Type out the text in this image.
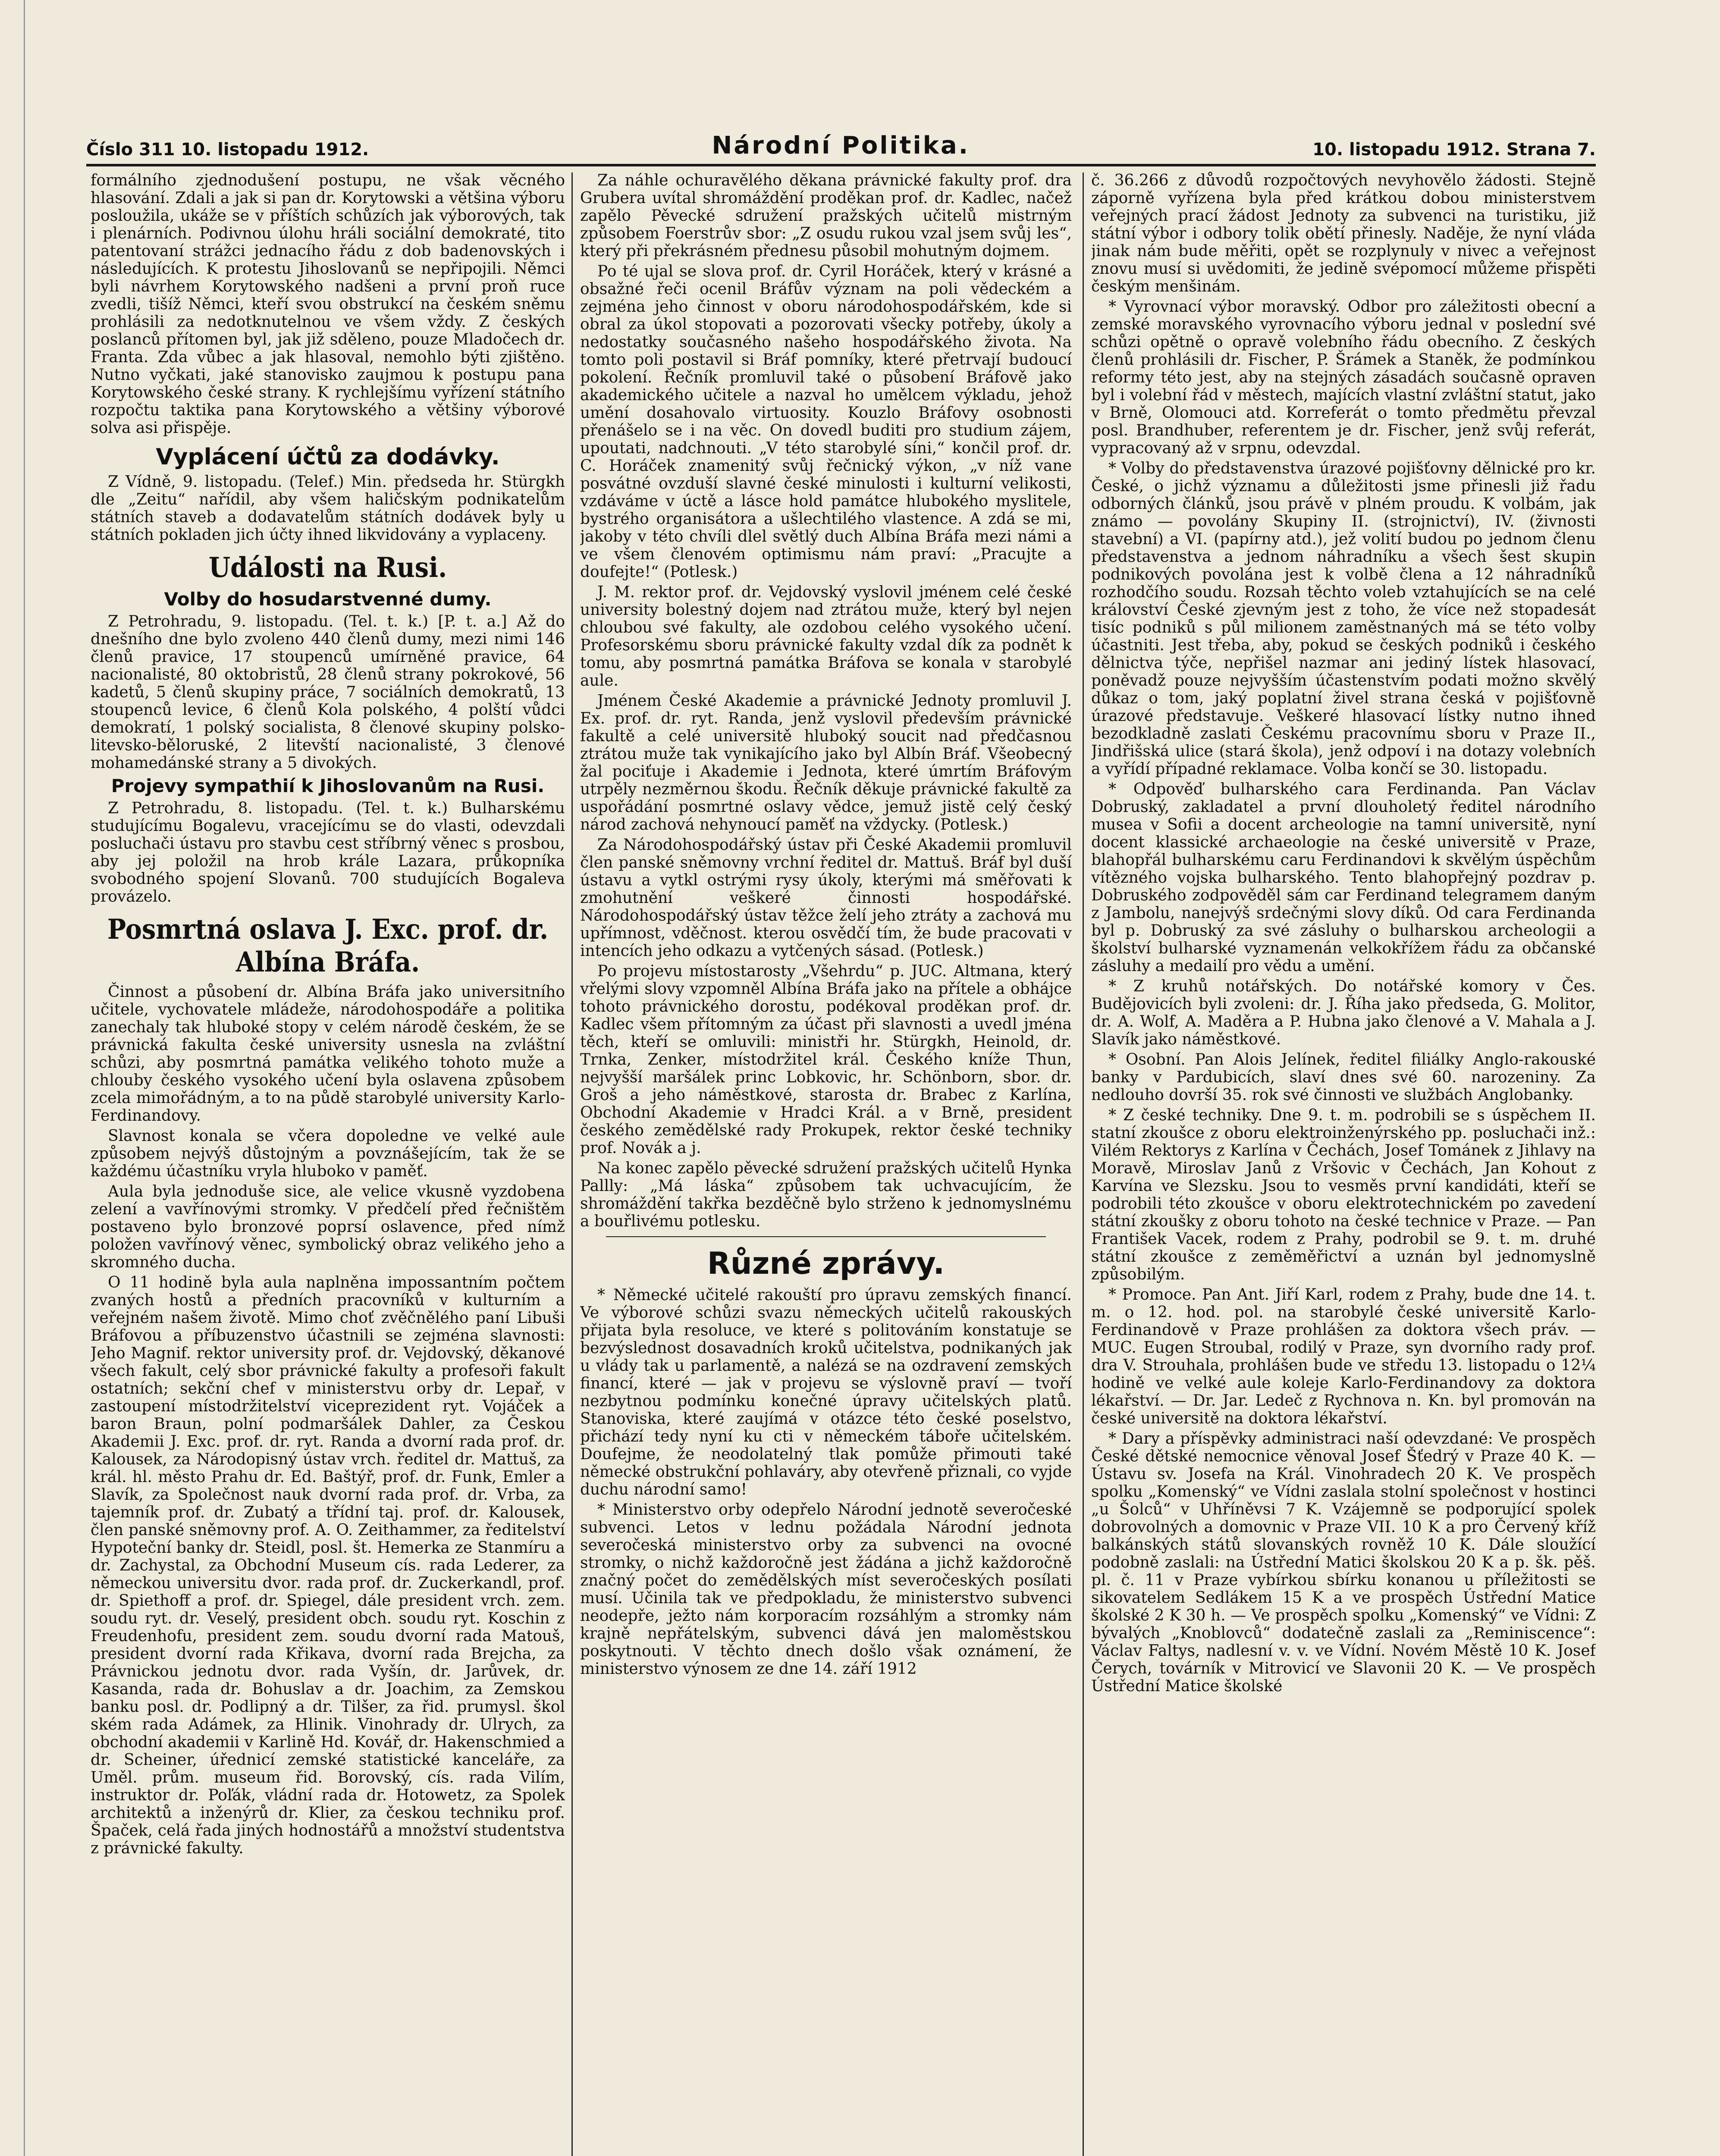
Číslo 311 10. listopadu 1912.	Národní Politika.	10. listopadu 1912. Strana 7.

formálního zjednodušení postupu, ne však věcného hlasování. Zdali a jak si pan dr. Korytowski a většina výboru posloužila, ukáže se v příštích schůzích jak výborových, tak i plenárních. Podivnou úlohu hráli sociální demokraté, tito patentovaní strážci jednacího řádu z dob badenovských i následujících. K protestu Jihoslovanů se nepřipojili. Němci byli návrhem Korytowského nadšeni a první proň ruce zvedli, tišíž Němci, kteří svou obstrukcí na českém sněmu prohlásili za nedotknutelnou ve všem vždy. Z českých poslanců přítomen byl, jak již sděleno, pouze Mladočech dr. Franta. Zda vůbec a jak hlasoval, nemohlo býti zjištěno. Nutno vyčkati, jaké stanovisko zaujmou k postupu pana Korytowského české strany. K rychlejšímu vyřízení státního rozpočtu taktika pana Korytowského a většiny výborové solva asi přispěje.

Vyplácení účtů za dodávky.

Z Vídně, 9. listopadu. (Telef.) Min. předseda hr. Stürgkh dle „Zeitu“ nařídil, aby všem haličským podnikatelům státních staveb a dodavatelům státních dodávek byly u státních pokladen jich účty ihned likvidovány a vyplaceny.

Události na Rusi.
Volby do hosudarstvenné dumy.

Z Petrohradu, 9. listopadu. (Tel. t. k.) [P. t. a.] Až do dnešního dne bylo zvoleno 440 členů dumy, mezi nimi 146 členů pravice, 17 stoupenců umírněné pravice, 64 nacionalisté, 80 oktobristů, 28 členů strany pokrokové, 56 kadetů, 5 členů skupiny práce, 7 sociálních demokratů, 13 stoupenců levice, 6 členů Kola polského, 4 polští vůdci demokratí, 1 polský socialista, 8 členové skupiny polsko-litevsko-běloruské, 2 litevští nacionalisté, 3 členové mohamedánské strany a 5 divokých.

Projevy sympathií k Jihoslovanům na Rusi.

Z Petrohradu, 8. listopadu. (Tel. t. k.) Bulharskému studujícímu Bogalevu, vracejícímu se do vlasti, odevzdali posluchači ústavu pro stavbu cest stříbrný věnec s prosbou, aby jej položil na hrob krále Lazara, průkopníka svobodného spojení Slovanů. 700 studujících Bogaleva provázelo.

Posmrtná oslava J. Exc. prof. dr. Albína Bráfa.

Činnost a působení dr. Albína Bráfa jako universitního učitele, vychovatele mládeže, národohospodáře a politika zanechaly tak hluboké stopy v celém národě českém, že se právnická fakulta české university usnesla na zvláštní schůzi, aby posmrtná památka velikého tohoto muže a chlouby českého vysokého učení byla oslavena způsobem zcela mimořádným, a to na půdě starobylé university Karlo-Ferdinandovy.

Slavnost konala se včera dopoledne ve velké aule způsobem nejvýš důstojným a povznášejícím, tak že se každému účastníku vryla hluboko v paměť.

Aula byla jednoduše sice, ale velice vkusně vyzdobena zelení a vavřínovými stromky. V předčelí před řečništěm postaveno bylo bronzové poprsí oslavence, před nímž položen vavřínový věnec, symbolický obraz velikého jeho a skromného ducha.

O 11 hodině byla aula naplněna impossantním počtem zvaných hostů a předních pracovníků v kulturním a veřejném našem životě. Mimo choť zvěčnělého paní Libuši Bráfovou a příbuzenstvo účastnili se zejména slavnosti: Jeho Magnif. rektor university prof. dr. Vejdovský, děkanové všech fakult, celý sbor právnické fakulty a profesoři fakult ostatních; sekční chef v ministerstvu orby dr. Lepař, v zastoupení místodržitelství viceprezident ryt. Vojáček a baron Braun, polní podmaršálek Dahler, za Českou Akademii J. Exc. prof. dr. ryt. Randa a dvorní rada prof. dr. Kalousek, za Národopisný ústav vrch. ředitel dr. Mattuš, za král. hl. město Prahu dr. Ed. Baštýř, prof. dr. Funk, Emler a Slavík, za Společnost nauk dvorní rada prof. dr. Vrba, za tajemník prof. dr. Zubatý a třídní taj. prof. dr. Kalousek, člen panské sněmovny prof. A. O. Zeithammer, za ředitelství Hypoteční banky dr. Steidl, posl. št. Hemerka ze Stanmíru a dr. Zachystal, za Obchodní Museum cís. rada Lederer, za německou universitu dvor. rada prof. dr. Zuckerkandl, prof. dr. Spiethoff a prof. dr. Spiegel, dále president vrch. zem. soudu ryt. dr. Veselý, president obch. soudu ryt. Koschin z Freudenhofu, president zem. soudu dvorní rada Matouš, president dvorní rada Křikava, dvorní rada Brejcha, za Právnickou jednotu dvor. rada Vyšín, dr. Jarůvek, dr. Kasanda, rada dr. Bohuslav a dr. Joachim, za Zemskou banku posl. dr. Podlipný a dr. Tilšer, za řid. prumysl. škol ském rada Adámek, za Hlinik. Vinohrady dr. Ulrych, za obchodní akademii v Karlině Hd. Kovář, dr. Hakenschmied a dr. Scheiner, úřednicí zemské statistické kanceláře, za Uměl. prům. museum řid. Borovský, cís. rada Vilím, instruktor dr. Poľák, vládní rada dr. Hotowetz, za Spolek architektů a inženýrů dr. Klier, za českou techniku prof. Špaček, celá řada jiných hodnostářů a množství studentstva z právnické fakulty.

Za náhle ochuravělého děkana právnické fakulty prof. dra Grubera uvítal shromáždění proděkan prof. dr. Kadlec, načež zapělo Pěvecké sdružení pražských učitelů mistrným způsobem Foerstrův sbor: „Z osudu rukou vzal jsem svůj les“, který při překrásném přednesu působil mohutným dojmem.

Po té ujal se slova prof. dr. Cyril Horáček, který v krásné a obsažné řeči ocenil Bráfův význam na poli vědeckém a zejména jeho činnost v oboru národohospodářském, kde si obral za úkol stopovati a pozorovati všecky potřeby, úkoly a nedostatky současného našeho hospodářského života. Na tomto poli postavil si Bráf pomníky, které přetrvají budoucí pokolení. Řečník promluvil také o působení Bráfově jako akademického učitele a nazval ho umělcem výkladu, jehož umění dosahovalo virtuosity. Kouzlo Bráfovy osobnosti přenášelo se i na věc. On dovedl buditi pro studium zájem, upoutati, nadchnouti. „V této starobylé síni,“ končil prof. dr. C. Horáček znamenitý svůj řečnický výkon, „v níž vane posvátné ovzduší slavné české minulosti i kulturní velikosti, vzdáváme v úctě a lásce hold památce hlubokého myslitele, bystrého organisátora a ušlechtilého vlastence. A zdá se mi, jakoby v této chvíli dlel světlý duch Albína Bráfa mezi námi a ve všem členovém optimismu nám praví: „Pracujte a doufejte!“ (Potlesk.)

J. M. rektor prof. dr. Vejdovský vyslovil jménem celé české university bolestný dojem nad ztrátou muže, který byl nejen chloubou své fakulty, ale ozdobou celého vysokého učení. Profesorskému sboru právnické fakulty vzdal dík za podnět k tomu, aby posmrtná památka Bráfova se konala v starobylé aule.

Jménem České Akademie a právnické Jednoty promluvil J. Ex. prof. dr. ryt. Randa, jenž vyslovil především právnické fakultě a celé universitě hluboký soucit nad předčasnou ztrátou muže tak vynikajícího jako byl Albín Bráf. Všeobecný žal pociťuje i Akademie i Jednota, které úmrtím Bráfovým utrpěly nezměrnou škodu. Řečník děkuje právnické fakultě za uspořádání posmrtné oslavy vědce, jemuž jistě celý český národ zachová nehynoucí paměť na vždycky. (Potlesk.)

Za Národohospodářský ústav při České Akademii promluvil člen panské sněmovny vrchní ředitel dr. Mattuš. Bráf byl duší ústavu a vytkl ostrými rysy úkoly, kterými má směřovati k zmohutnění veškeré činnosti hospodářské. Národohospodářský ústav těžce želí jeho ztráty a zachová mu upřímnost, vděčnost. kterou osvědčí tím, že bude pracovati v intencích jeho odkazu a vytčených sásad. (Potlesk.)

Po projevu místostarosty „Všehrdu“ p. JUC. Altmana, který vřelými slovy vzpomněl Albína Bráfa jako na přítele a obhájce tohoto právnického dorostu, podékoval proděkan prof. dr. Kadlec všem přítomným za účast při slavnosti a uvedl jména těch, kteří se omluvili: ministři hr. Stürgkh, Heinold, dr. Trnka, Zenker, místodržitel král. Českého kníže Thun, nejvyšší maršálek princ Lobkovic, hr. Schönborn, sbor. dr. Groš a jeho náměstkové, starosta dr. Brabec z Karlína, Obchodní Akademie v Hradci Král. a v Brně, president českého zemědělské rady Prokupek, rektor české techniky prof. Novák a j.

Na konec zapělo pěvecké sdružení pražských učitelů Hynka Pallly: „Má láska“ způsobem tak uchvacujícím, že shromáždění takřka bezděčně bylo strženo k jednomyslnému a bouřlivému potlesku.

Různé zprávy.

* Německé učitelé rakouští pro úpravu zemských financí. Ve výborové schůzi svazu německých učitelů rakouských přijata byla resoluce, ve které s politováním konstatuje se bezvýslednost dosavadních kroků učitelstva, podnikaných jak u vlády tak u parlamentě, a nalézá se na ozdravení zemských financí, které — jak v projevu se výslovně praví — tvoří nezbytnou podmínku konečné úpravy učitelských platů. Stanoviska, které zaujímá v otázce této české poselstvo, přichází tedy nyní ku cti v německém táboře učitelském. Doufejme, že neodolatelný tlak pomůže přimouti také německé obstrukční pohlaváry, aby otevřeně přiznali, co vyjde duchu národní samo!

* Ministerstvo orby odepřelo Národní jednotě severočeské subvenci. Letos v lednu požádala Národní jednota severočeská ministerstvo orby za subvenci na ovocné stromky, o nichž každoročně jest žádána a jichž každoročně značný počet do zemědělských míst severočeských posílati musí. Učinila tak ve předpokladu, že ministerstvo subvenci neodepře, ježto nám korporacím rozsáhlým a stromky nám krajně nepřátelským, subvenci dává jen maloměstskou poskytnouti. V těchto dnech došlo však oznámení, že ministerstvo výnosem ze dne 14. září 1912

č. 36.266 z důvodů rozpočtových nevyhovělo žádosti. Stejně záporně vyřízena byla před krátkou dobou ministerstvem veřejných prací žádost Jednoty za subvenci na turistiku, již státní výbor i odbory tolik obětí přinesly. Naděje, že nyní vláda jinak nám bude měřiti, opět se rozplynuly v nivec a veřejnost znovu musí si uvědomiti, že jedině svépomocí můžeme přispěti českým menšinám.

* Vyrovnací výbor moravský. Odbor pro záležitosti obecní a zemské moravského vyrovnacího výboru jednal v poslední své schůzi opětně o opravě volebního řádu obecního. Z českých členů prohlásili dr. Fischer, P. Šrámek a Staněk, že podmínkou reformy této jest, aby na stejných zásadách současně opraven byl i volební řád v městech, majících vlastní zvláštní statut, jako v Brně, Olomouci atd. Korreferát o tomto předmětu převzal posl. Brandhuber, referentem je dr. Fischer, jenž svůj referát, vypracovaný až v srpnu, odevzdal.

* Volby do představenstva úrazové pojišťovny dělnické pro kr. České, o jichž významu a důležitosti jsme přinesli již řadu odborných článků, jsou právě v plném proudu. K volbám, jak známo — povolány Skupiny II. (strojnictví), IV. (živnosti stavební) a VI. (papírny atd.), jež volití budou po jednom členu představenstva a jednom náhradníku a všech šest skupin podnikových povolána jest k volbě člena a 12 náhradníků rozhodčího soudu. Rozsah těchto voleb vztahujících se na celé království České zjevným jest z toho, že více než stopadesát tisíc podniků s půl milionem zaměstnaných má se této volby účastniti. Jest třeba, aby, pokud se českých podniků i českého dělnictva týče, nepřišel nazmar ani jediný lístek hlasovací, poněvadž pouze nejvyšším účastenstvím podati možno skvělý důkaz o tom, jaký poplatní živel strana česká v pojišťovně úrazové představuje. Veškeré hlasovací lístky nutno ihned bezodkladně zaslati Českému pracovnímu sboru v Praze II., Jindřišská ulice (stará škola), jenž odpoví i na dotazy volebních a vyřídí případné reklamace. Volba končí se 30. listopadu.

* Odpověď bulharského cara Ferdinanda. Pan Václav Dobruský, zakladatel a první dlouholetý ředitel národního musea v Sofii a docent archeologie na tamní universitě, nyní docent klassické archaeologie na české universitě v Praze, blahopřál bulharskému caru Ferdinandovi k skvělým úspěchům vítězného vojska bulharského. Tento blahopřejný pozdrav p. Dobruského zodpověděl sám car Ferdinand telegramem daným z Jambolu, nanejvýš srdečnými slovy díků. Od cara Ferdinanda byl p. Dobruský za své zásluhy o bulharskou archeologii a školství bulharské vyznamenán velkokřížem řádu za občanské zásluhy a medailí pro vědu a umění.

* Z kruhů notářských. Do notářské komory v Čes. Budějovicích byli zvoleni: dr. J. Říha jako předseda, G. Molitor, dr. A. Wolf, A. Maděra a P. Hubna jako členové a V. Mahala a J. Slavík jako náměstkové.

* Osobní. Pan Alois Jelínek, ředitel filiálky Anglo-rakouské banky v Pardubicích, slaví dnes své 60. narozeniny. Za nedlouho dovrší 35. rok své činnosti ve službách Anglobanky.

* Z české techniky. Dne 9. t. m. podrobili se s úspěchem II. statní zkoušce z oboru elektroinženýrského pp. posluchači inž.: Vilém Rektorys z Karlína v Čechách, Josef Tománek z Jihlavy na Moravě, Miroslav Janů z Vršovic v Čechách, Jan Kohout z Karvína ve Slezsku. Jsou to vesměs první kandidáti, kteří se podrobili této zkoušce v oboru elektrotechnickém po zavedení státní zkoušky z oboru tohoto na české technice v Praze. — Pan František Vacek, rodem z Prahy, podrobil se 9. t. m. druhé státní zkoušce z zeměměřictví a uznán byl jednomyslně způsobilým.

* Promoce. Pan Ant. Jiří Karl, rodem z Prahy, bude dne 14. t. m. o 12. hod. pol. na starobylé české universitě Karlo-Ferdinandově v Praze prohlášen za doktora všech práv. — MUC. Eugen Stroubal, rodilý v Praze, syn dvorního rady prof. dra V. Strouhala, prohlášen bude ve středu 13. listopadu o 12¼ hodině ve velké aule koleje Karlo-Ferdinandovy za doktora lékařství. — Dr. Jar. Ledeč z Rychnova n. Kn. byl promován na české universitě na doktora lékařství.

* Dary a příspěvky administraci naší odevzdané: Ve prospěch České dětské nemocnice věnoval Josef Šťedrý v Praze 40 K. — Ústavu sv. Josefa na Král. Vinohradech 20 K. Ve prospěch spolku „Komenský“ ve Vídni zaslala stolní společnost v hostinci „u Šolců“ v Uhříněvsi 7 K. Vzájemně se podporující spolek dobrovolných a domovnic v Praze VII. 10 K a pro Červený kříž balkánských států slovanských rovněž 10 K. Dále sloužící podobně zaslali: na Ústřední Matici školskou 20 K a p. šk. pěš. pl. č. 11 v Praze vybírkou sbírku konanou u příležitosti se sikovatelem Sedlákem 15 K a ve prospěch Ústřední Matice školské 2 K 30 h. — Ve prospěch spolku „Komenský“ ve Vídni: Z bývalých „Knoblovců“ dodatečně zaslali za „Reminiscence“: Václav Faltys, nadlesní v. v. ve Vídní. Novém Městě 10 K. Josef Čerych, továrník v Mitrovicí ve Slavonii 20 K. — Ve prospěch Ústřední Matice školské
